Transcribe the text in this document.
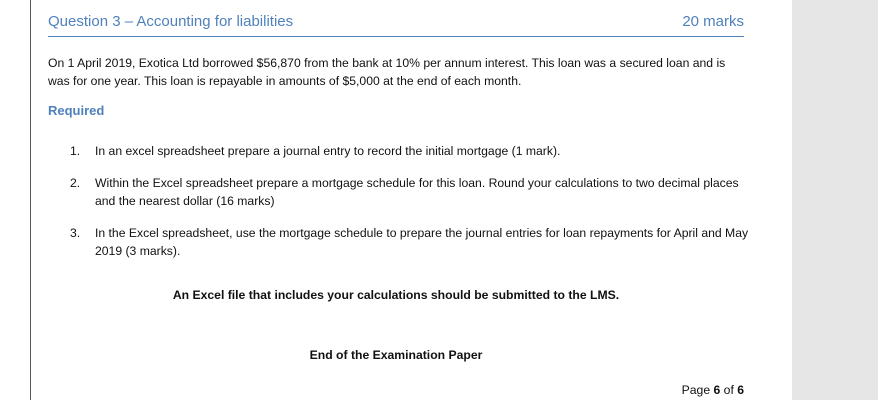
Question 3 – Accounting for liabilities	20 marks
On 1 April 2019, Exotica Ltd borrowed $56,870 from the bank at 10% per annum interest. This loan was a secured loan and is was for one year. This loan is repayable in amounts of $5,000 at the end of each month.
Required
1.	In an excel spreadsheet prepare a journal entry to record the initial mortgage (1 mark).
2.	Within the Excel spreadsheet prepare a mortgage schedule for this loan. Round your calculations to two decimal places and the nearest dollar (16 marks)
3.	In the Excel spreadsheet, use the mortgage schedule to prepare the journal entries for loan repayments for April and May 2019 (3 marks).
An Excel file that includes your calculations should be submitted to the LMS.
End of the Examination Paper
Page 6 of 6
